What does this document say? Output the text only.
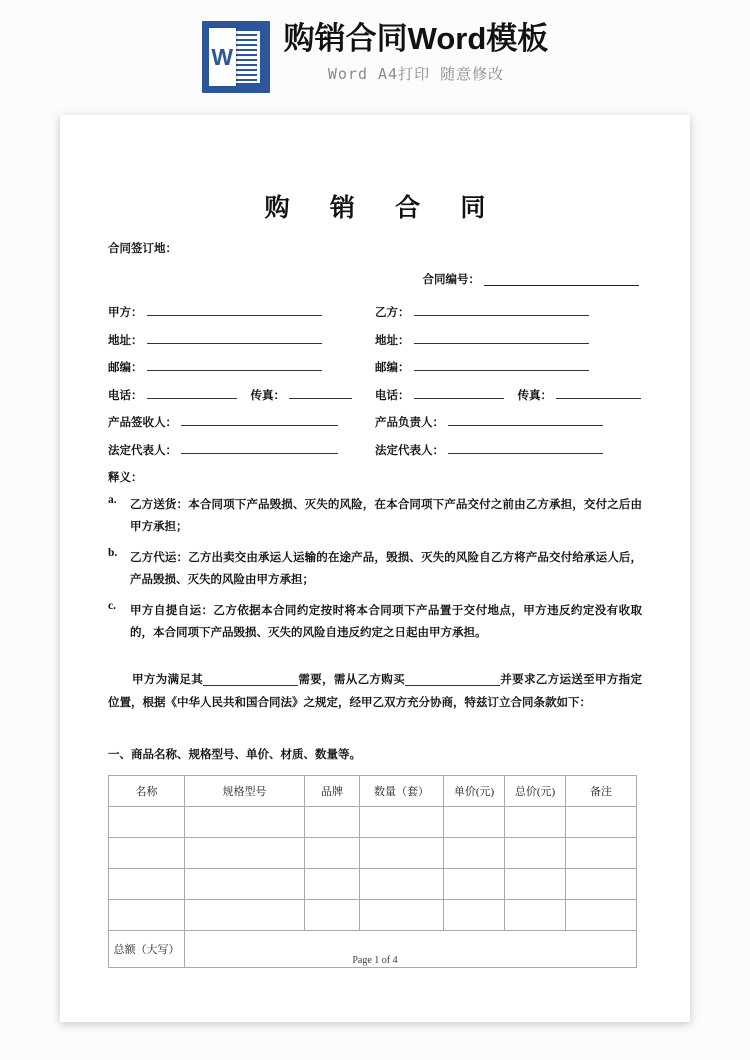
W
购销合同Word模板
Word A4打印 随意修改
购 销 合 同
合同签订地：
合同编号：
甲方：	乙方：
地址：	地址：
邮编：	邮编：
电话：	传真：	电话：	传真：
产品签收人：	产品负责人：
法定代表人：	法定代表人：
释义：
a.	乙方送货：本合同项下产品毁损、灭失的风险，在本合同项下产品交付之前由乙方承担，交付之后由甲方承担；
b.	乙方代运：乙方出卖交由承运人运输的在途产品，毁损、灭失的风险自乙方将产品交付给承运人后，产品毁损、灭失的风险由甲方承担；
c.	甲方自提自运：乙方依据本合同约定按时将本合同项下产品置于交付地点，甲方违反约定没有收取的，本合同项下产品毁损、灭失的风险自违反约定之日起由甲方承担。
甲方为满足其	需要，需从乙方购买	并要求乙方运送至甲方指定位置，根据《中华人民共和国合同法》之规定，经甲乙双方充分协商，特兹订立合同条款如下：
一、商品名称、规格型号、单价、材质、数量等。
名称	规格型号	品牌	数量（套）	单价(元)	总价(元)	备注

总额（大写）						
Page 1 of 4
